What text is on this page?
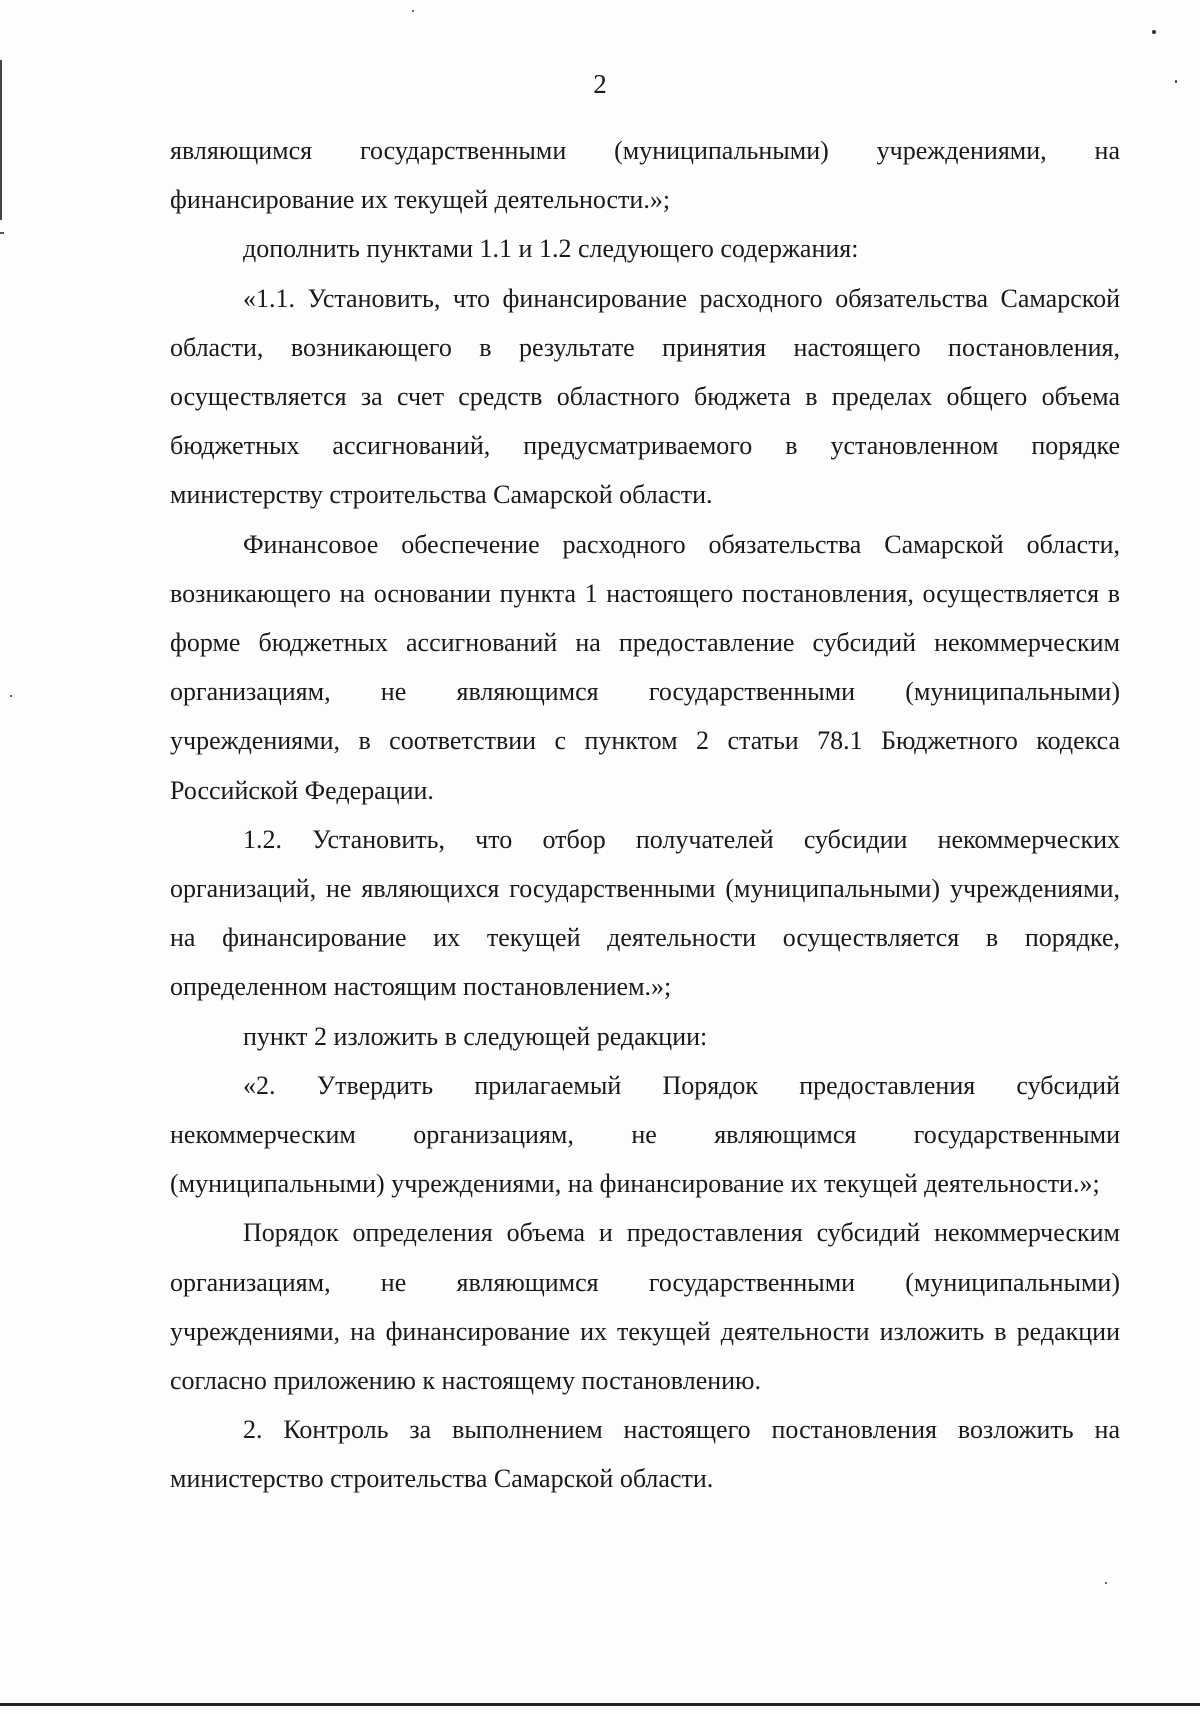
2

являющимся государственными (муниципальными) учреждениями, на финансирование их текущей деятельности.»;

дополнить пунктами 1.1 и 1.2 следующего содержания:

«1.1. Установить, что финансирование расходного обязательства Самарской области, возникающего в результате принятия настоящего постановления, осуществляется за счет средств областного бюджета в пределах общего объема бюджетных ассигнований, предусматриваемого в установленном порядке министерству строительства Самарской области.

Финансовое обеспечение расходного обязательства Самарской области, возникающего на основании пункта 1 настоящего постановления, осуществляется в форме бюджетных ассигнований на предоставление субсидий некоммерческим организациям, не являющимся государственными (муниципальными) учреждениями, в соответствии с пунктом 2 статьи 78.1 Бюджетного кодекса Российской Федерации.

1.2. Установить, что отбор получателей субсидии некоммерческих организаций, не являющихся государственными (муниципальными) учреждениями, на финансирование их текущей деятельности осуществляется в порядке, определенном настоящим постановлением.»;

пункт 2 изложить в следующей редакции:

«2. Утвердить прилагаемый Порядок предоставления субсидий некоммерческим организациям, не являющимся государственными (муниципальными) учреждениями, на финансирование их текущей деятельности.»;

Порядок определения объема и предоставления субсидий некоммерческим организациям, не являющимся государственными (муниципальными) учреждениями, на финансирование их текущей деятельности изложить в редакции согласно приложению к настоящему постановлению.

2. Контроль за выполнением настоящего постановления возложить на министерство строительства Самарской области.
